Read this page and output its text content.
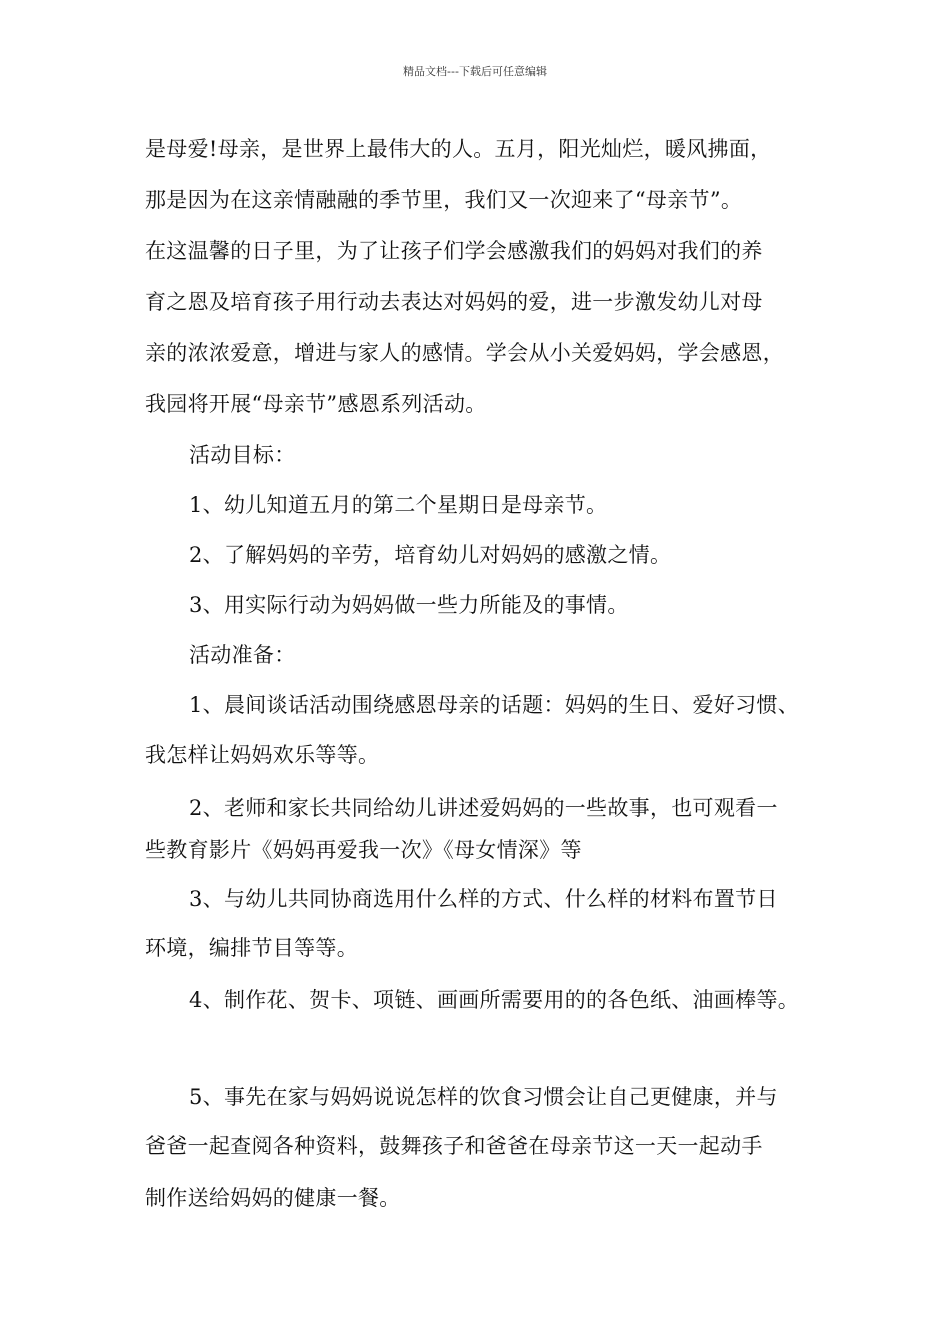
精品文档---下载后可任意编辑

是母爱!母亲，是世界上最伟大的人。五月，阳光灿烂，暖风拂面，

那是因为在这亲情融融的季节里，我们又一次迎来了“母亲节”。

在这温馨的日子里，为了让孩子们学会感激我们的妈妈对我们的养

育之恩及培育孩子用行动去表达对妈妈的爱，进一步激发幼儿对母

亲的浓浓爱意，增进与家人的感情。学会从小关爱妈妈，学会感恩，

我园将开展“母亲节”感恩系列活动。

活动目标：

1、幼儿知道五月的第二个星期日是母亲节。

2、了解妈妈的辛劳，培育幼儿对妈妈的感激之情。

3、用实际行动为妈妈做一些力所能及的事情。

活动准备：

1、晨间谈话活动围绕感恩母亲的话题：妈妈的生日、爱好习惯、

我怎样让妈妈欢乐等等。

2、老师和家长共同给幼儿讲述爱妈妈的一些故事，也可观看一

些教育影片《妈妈再爱我一次》《母女情深》等

3、与幼儿共同协商选用什么样的方式、什么样的材料布置节日

环境，编排节目等等。

4、制作花、贺卡、项链、画画所需要用的的各色纸、油画棒等。

5、事先在家与妈妈说说怎样的饮食习惯会让自己更健康，并与

爸爸一起查阅各种资料，鼓舞孩子和爸爸在母亲节这一天一起动手

制作送给妈妈的健康一餐。
